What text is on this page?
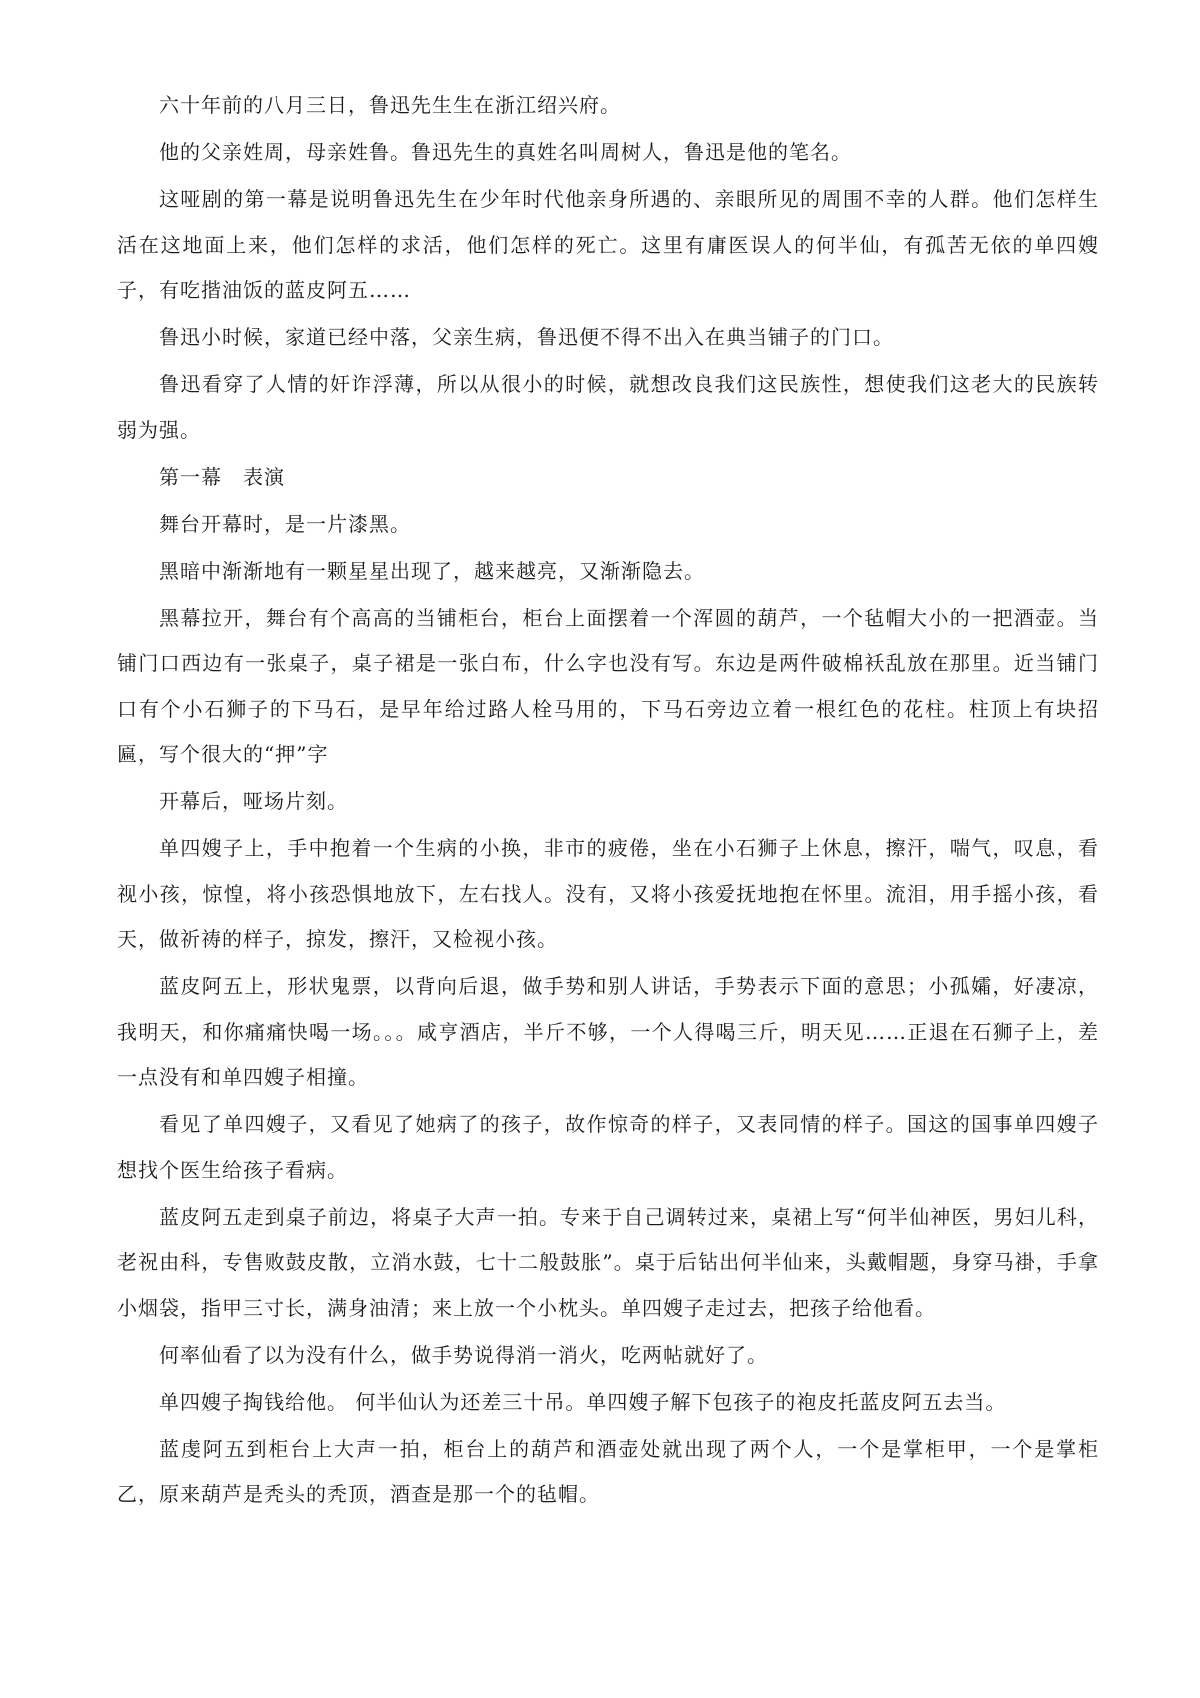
六十年前的八月三日，鲁迅先生生在浙江绍兴府。

他的父亲姓周，母亲姓鲁。鲁迅先生的真姓名叫周树人，鲁迅是他的笔名。

这哑剧的第一幕是说明鲁迅先生在少年时代他亲身所遇的、亲眼所见的周围不幸的人群。他们怎样生活在这地面上来，他们怎样的求活，他们怎样的死亡。这里有庸医误人的何半仙，有孤苦无依的单四嫂子，有吃揩油饭的蓝皮阿五……

鲁迅小时候，家道已经中落，父亲生病，鲁迅便不得不出入在典当铺子的门口。

鲁迅看穿了人情的奸诈浮薄，所以从很小的时候，就想改良我们这民族性，想使我们这老大的民族转弱为强。

第一幕　表演

舞台开幕时，是一片漆黑。

黑暗中渐渐地有一颗星星出现了，越来越亮，又渐渐隐去。

黑幕拉开，舞台有个高高的当铺柜台，柜台上面摆着一个浑圆的葫芦，一个毡帽大小的一把酒壶。当铺门口西边有一张桌子，桌子裙是一张白布，什么字也没有写。东边是两件破棉袄乱放在那里。近当铺门口有个小石狮子的下马石，是早年给过路人栓马用的，下马石旁边立着一根红色的花柱。柱顶上有块招匾，写个很大的“押”字

开幕后，哑场片刻。

单四嫂子上，手中抱着一个生病的小换，非市的疲倦，坐在小石狮子上休息，擦汗，喘气，叹息，看视小孩，惊惶，将小孩恐惧地放下，左右找人。没有，又将小孩爱抚地抱在怀里。流泪，用手摇小孩，看天，做祈祷的样子，掠发，擦汗，又检视小孩。

蓝皮阿五上，形状鬼票，以背向后退，做手势和别人讲话，手势表示下面的意思；小孤孀，好凄凉，我明天，和你痛痛快喝一场。。。咸亨酒店，半斤不够，一个人得喝三斤，明天见……正退在石狮子上，差一点没有和单四嫂子相撞。

看见了单四嫂子，又看见了她病了的孩子，故作惊奇的样子，又表同情的样子。国这的国事单四嫂子想找个医生给孩子看病。

蓝皮阿五走到桌子前边，将桌子大声一拍。专来于自己调转过来，桌裙上写“何半仙神医，男妇儿科，老祝由科，专售败鼓皮散，立消水鼓，七十二般鼓胀”。桌于后钻出何半仙来，头戴帽题，身穿马褂，手拿小烟袋，指甲三寸长，满身油清；来上放一个小枕头。单四嫂子走过去，把孩子给他看。

何率仙看了以为没有什么，做手势说得消一消火，吃两帖就好了。

单四嫂子掏钱给他。 何半仙认为还差三十吊。单四嫂子解下包孩子的袍皮托蓝皮阿五去当。

蓝虔阿五到柜台上大声一拍，柜台上的葫芦和酒壶处就出现了两个人，一个是掌柜甲，一个是掌柜乙，原来葫芦是秃头的秃顶，酒查是那一个的毡帽。
